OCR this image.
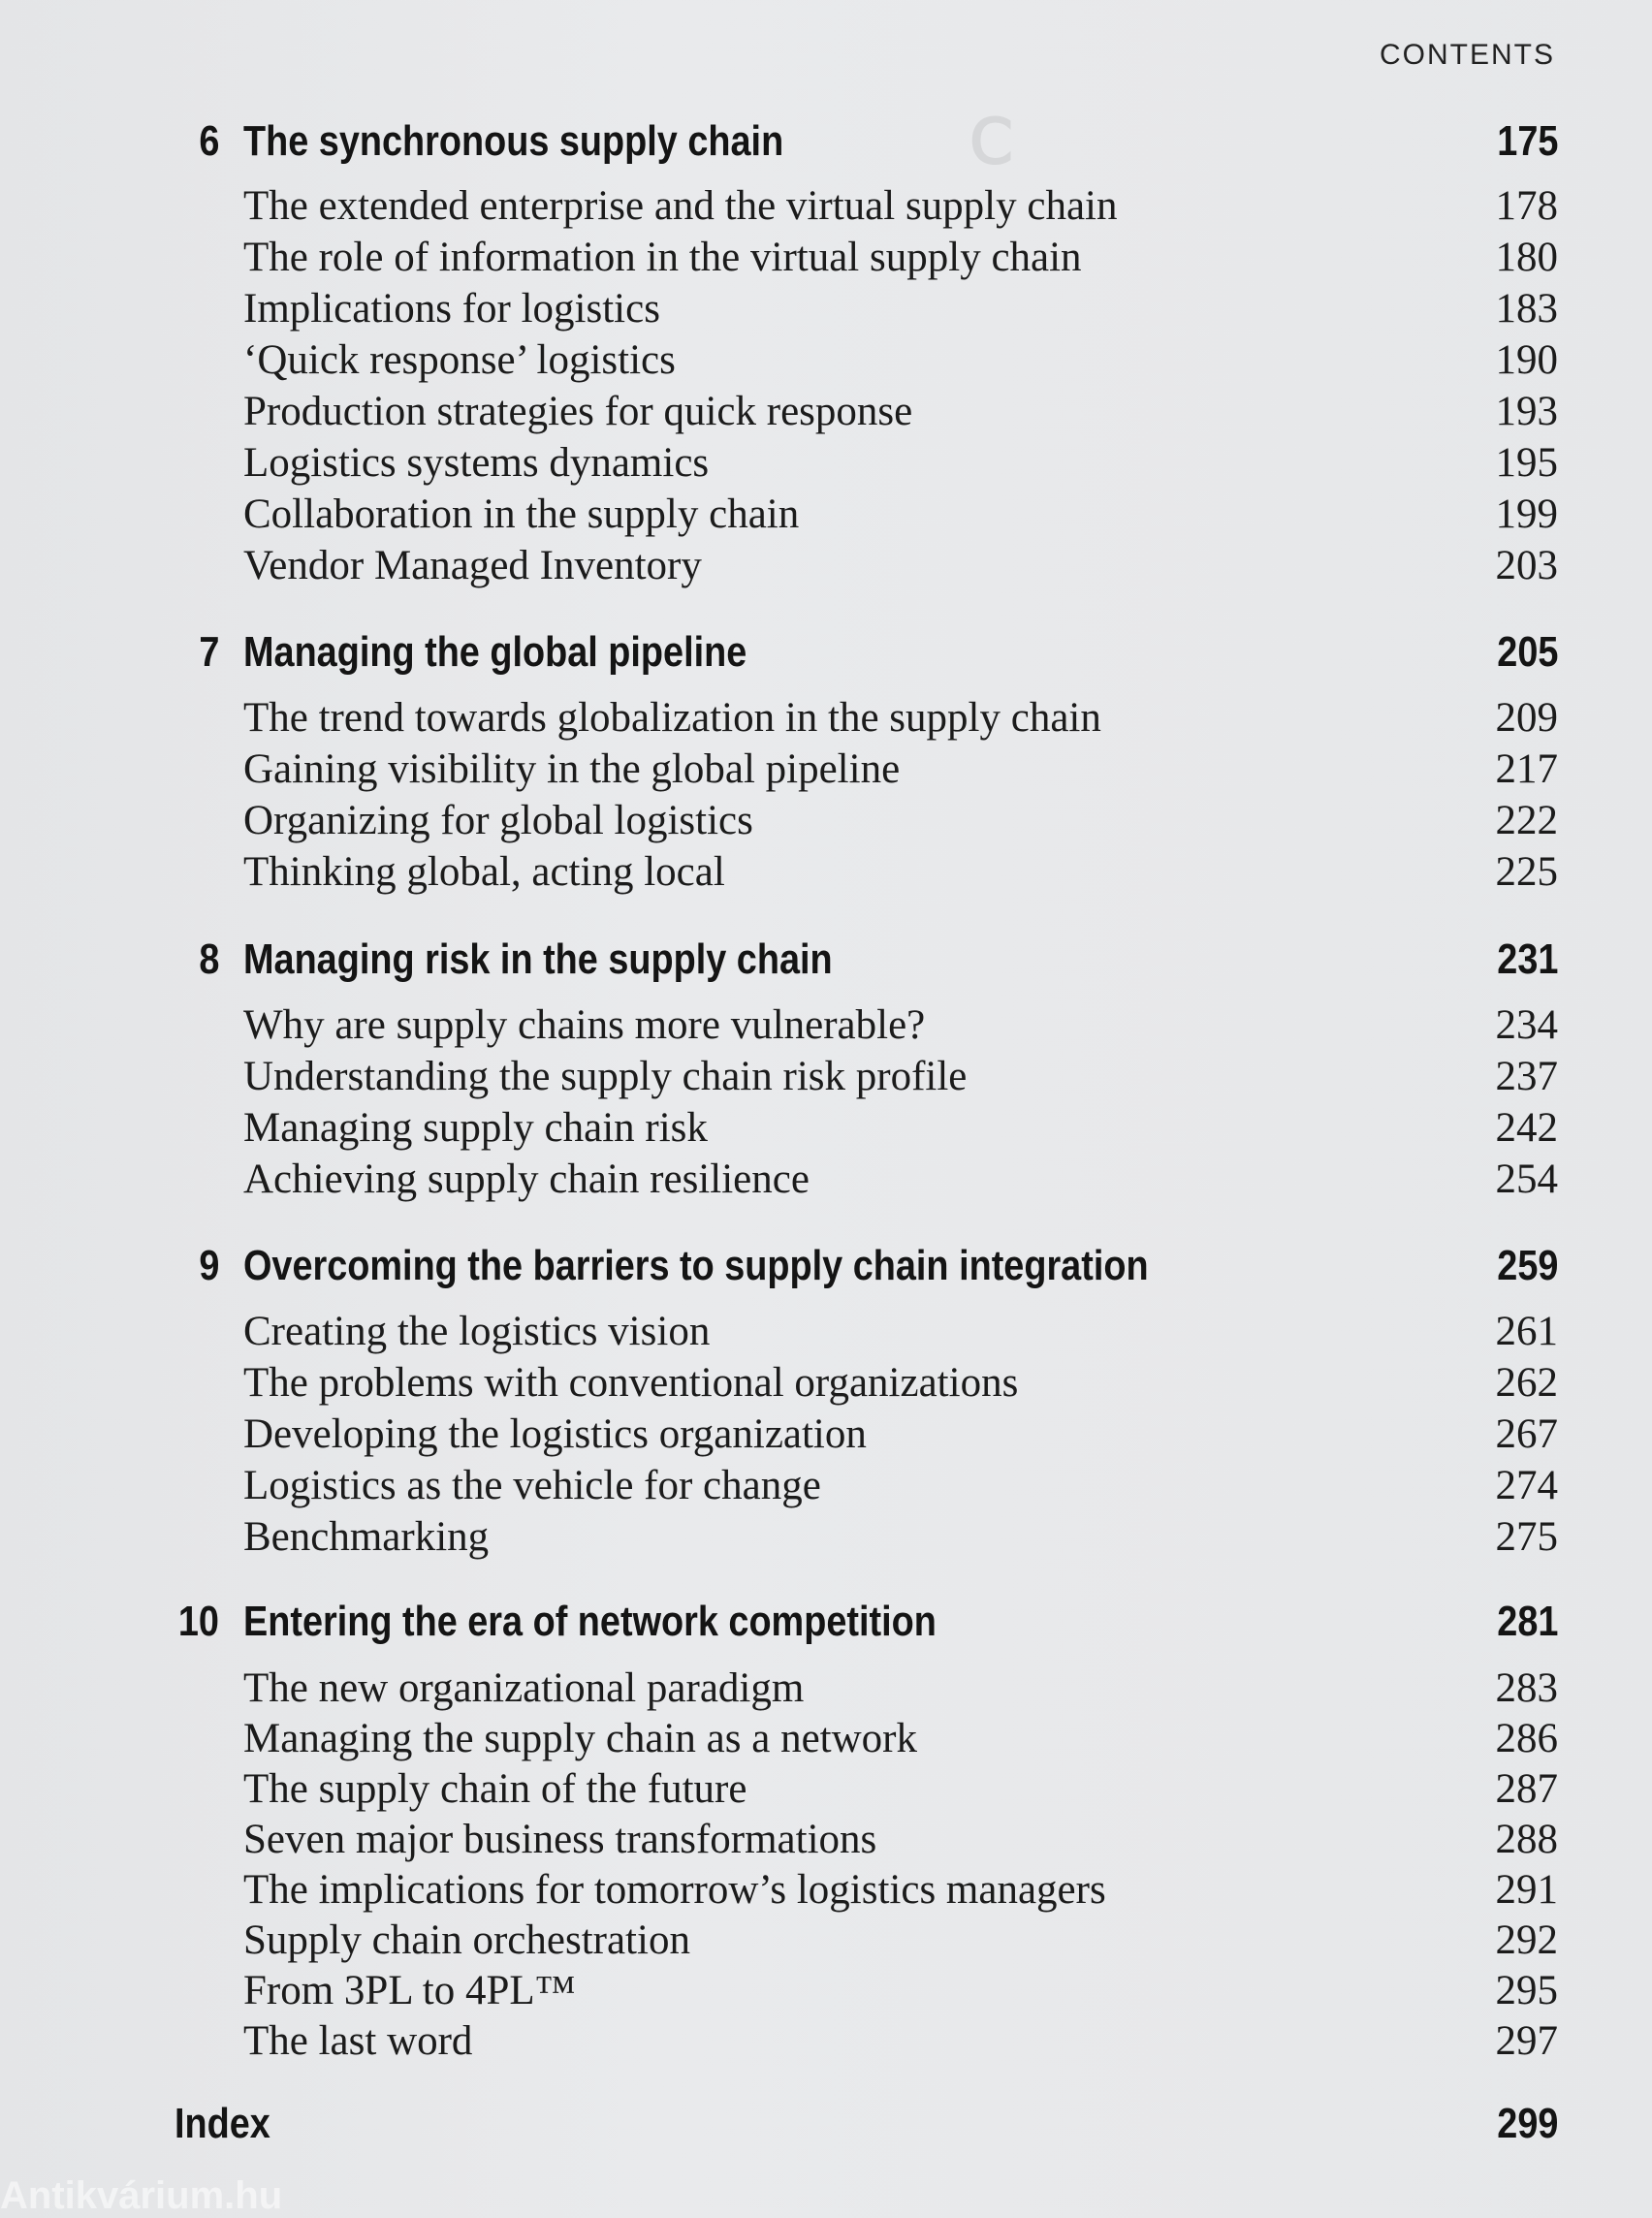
ꓛ
CONTENTS
6 The synchronous supply chain	175
The extended enterprise and the virtual supply chain	178
The role of information in the virtual supply chain	180
Implications for logistics	183
‘Quick response’ logistics	190
Production strategies for quick response	193
Logistics systems dynamics	195
Collaboration in the supply chain	199
Vendor Managed Inventory	203
7 Managing the global pipeline	205
The trend towards globalization in the supply chain	209
Gaining visibility in the global pipeline	217
Organizing for global logistics	222
Thinking global, acting local	225
8 Managing risk in the supply chain	231
Why are supply chains more vulnerable?	234
Understanding the supply chain risk profile	237
Managing supply chain risk	242
Achieving supply chain resilience	254
9 Overcoming the barriers to supply chain integration	259
Creating the logistics vision	261
The problems with conventional organizations	262
Developing the logistics organization	267
Logistics as the vehicle for change	274
Benchmarking	275
10 Entering the era of network competition	281
The new organizational paradigm	283
Managing the supply chain as a network	286
The supply chain of the future	287
Seven major business transformations	288
The implications for tomorrow’s logistics managers	291
Supply chain orchestration	292
From 3PL to 4PL™	295
The last word	297
Index	299
Antikvárium.hu
